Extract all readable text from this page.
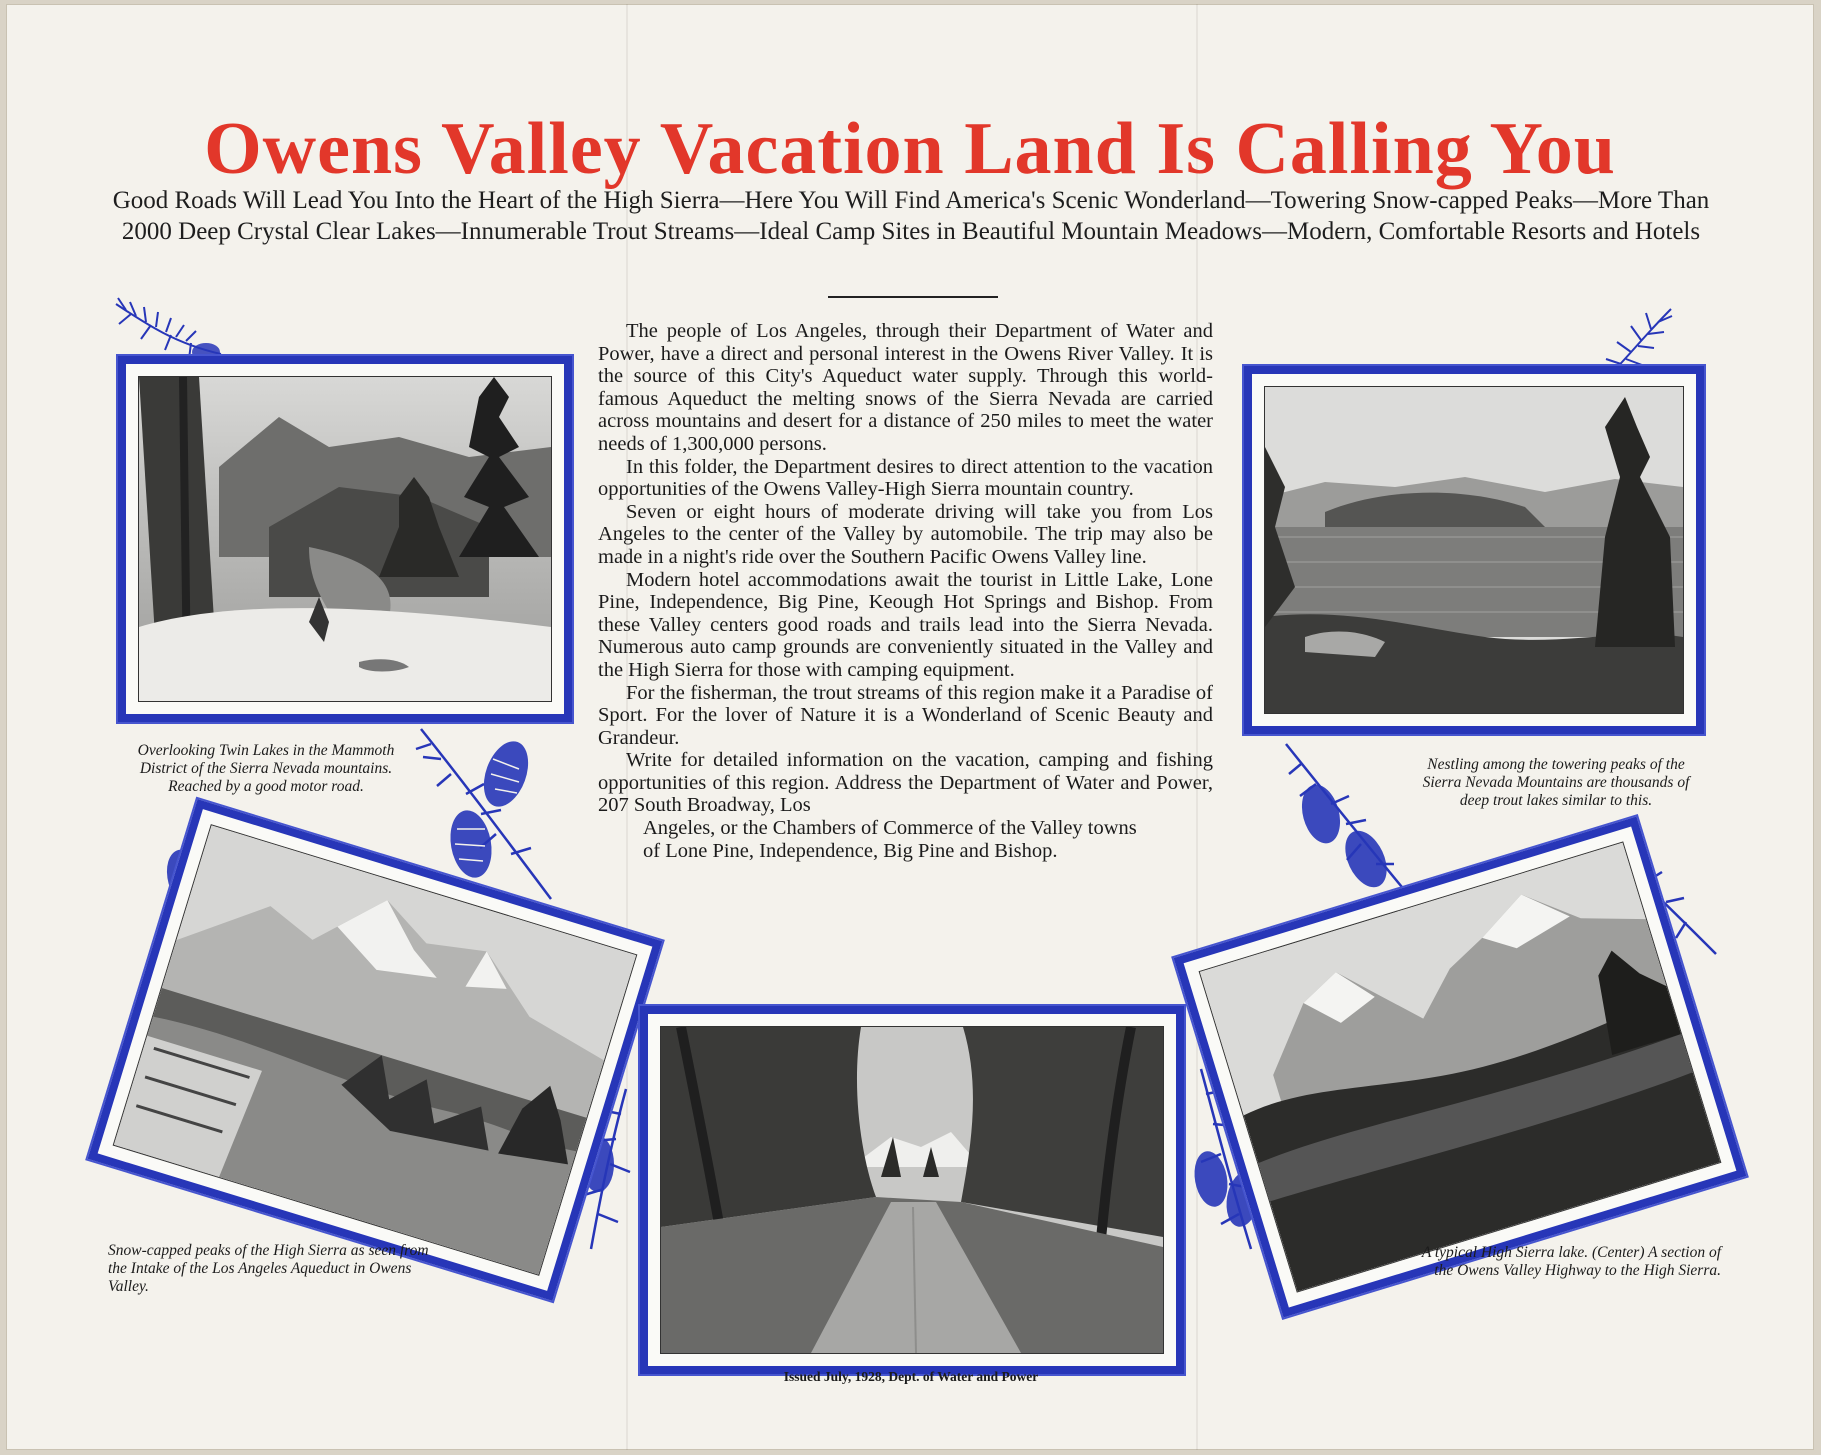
Owens Valley Vacation Land Is Calling You

Good Roads Will Lead You Into the Heart of the High Sierra—Here You Will Find America's Scenic Wonderland—Towering Snow-capped Peaks—More Than 2000 Deep Crystal Clear Lakes—Innumerable Trout Streams—Ideal Camp Sites in Beautiful Mountain Meadows—Modern, Comfortable Resorts and Hotels

The people of Los Angeles, through their Department of Water and Power, have a direct and personal interest in the Owens River Valley. It is the source of this City's Aqueduct water supply. Through this world-famous Aqueduct the melting snows of the Sierra Nevada are carried across mountains and desert for a distance of 250 miles to meet the water needs of 1,300,000 persons.

In this folder, the Department desires to direct attention to the vacation opportunities of the Owens Valley-High Sierra mountain country.

Seven or eight hours of moderate driving will take you from Los Angeles to the center of the Valley by automobile. The trip may also be made in a night's ride over the Southern Pacific Owens Valley line.

Modern hotel accommodations await the tourist in Little Lake, Lone Pine, Independence, Big Pine, Keough Hot Springs and Bishop. From these Valley centers good roads and trails lead into the Sierra Nevada. Numerous auto camp grounds are conveniently situated in the Valley and the High Sierra for those with camping equipment.

For the fisherman, the trout streams of this region make it a Paradise of Sport. For the lover of Nature it is a Wonderland of Scenic Beauty and Grandeur.

Write for detailed information on the vacation, camping and fishing opportunities of this region. Address the Department of Water and Power, 207 South Broadway, Los

Angeles, or the Chambers of Commerce of the Valley towns of Lone Pine, Independence, Big Pine and Bishop.

Overlooking Twin Lakes in the Mammoth District of the Sierra Nevada mountains. Reached by a good motor road.

Nestling among the towering peaks of the Sierra Nevada Mountains are thousands of deep trout lakes similar to this.

Snow-capped peaks of the High Sierra as seen from the Intake of the Los Angeles Aqueduct in Owens Valley.

A typical High Sierra lake. (Center) A section of the Owens Valley Highway to the High Sierra.

Issued July, 1928, Dept. of Water and Power
